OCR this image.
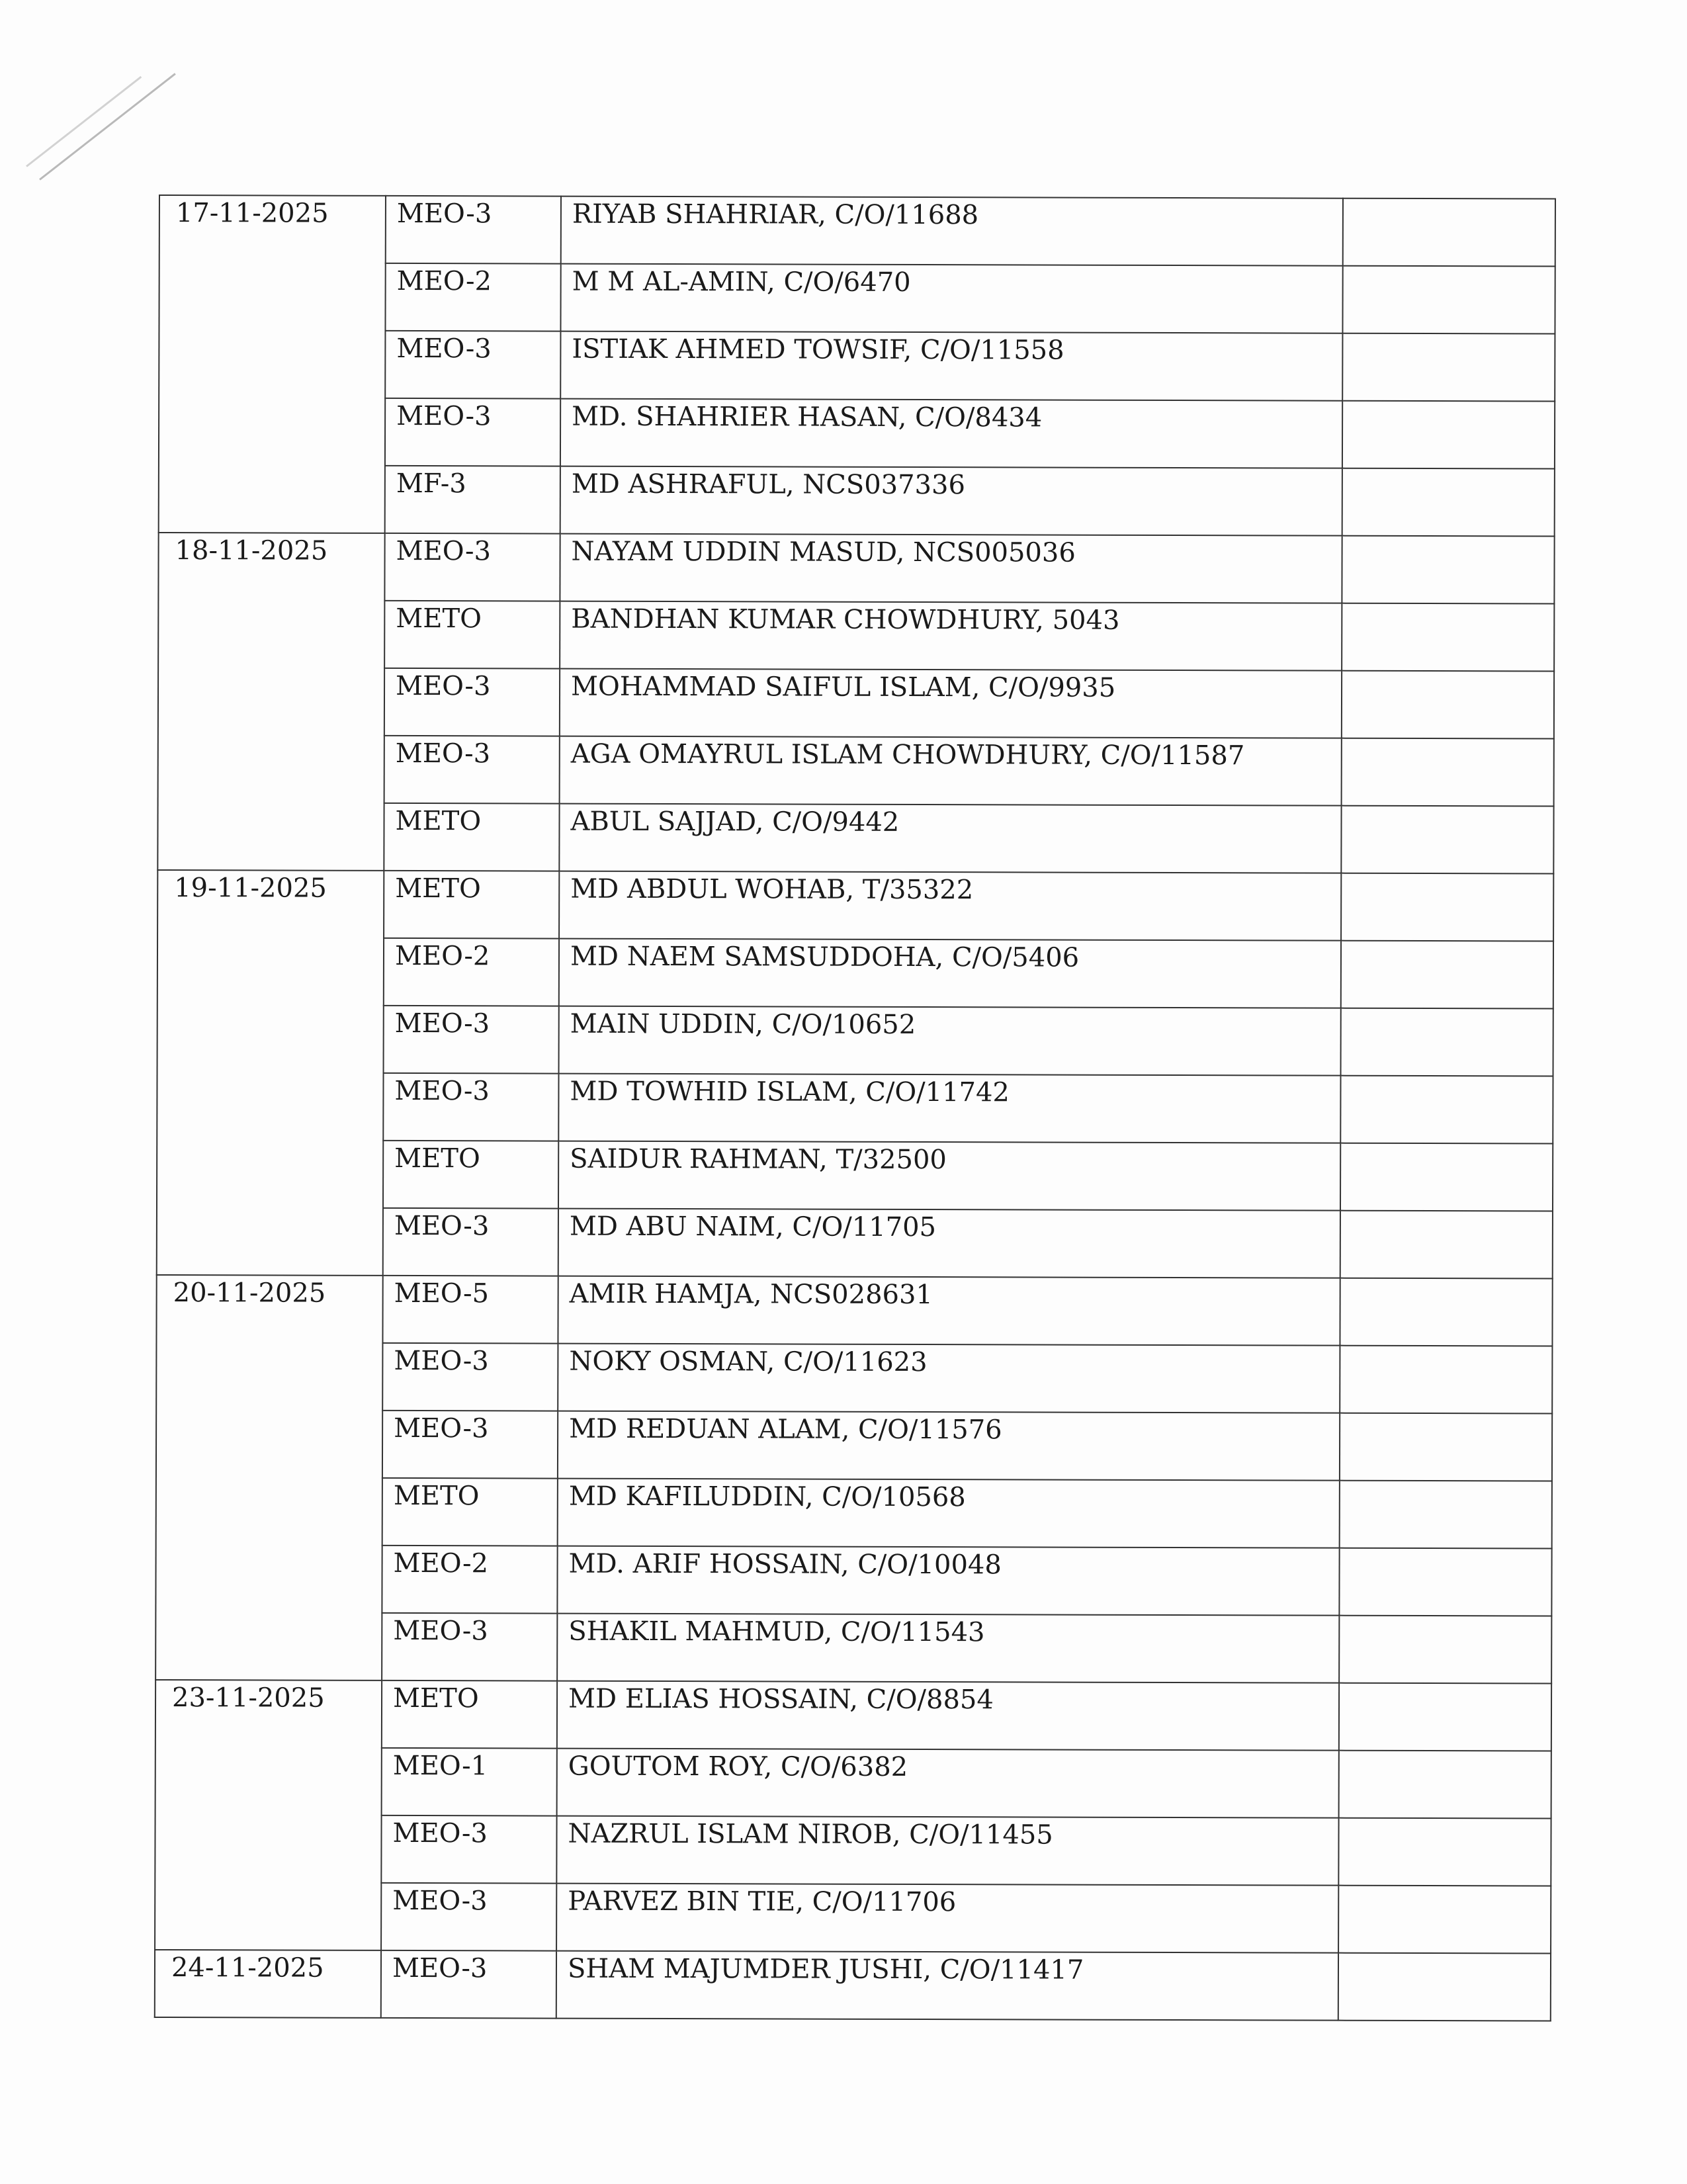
17-11-2025	MEO-3	RIYAB SHAHRIAR, C/O/11688	
	MEO-2	M M AL-AMIN, C/O/6470	
	MEO-3	ISTIAK AHMED TOWSIF, C/O/11558	
	MEO-3	MD. SHAHRIER HASAN, C/O/8434	
	MF-3	MD ASHRAFUL, NCS037336	
18-11-2025	MEO-3	NAYAM UDDIN MASUD, NCS005036	
	METO	BANDHAN KUMAR CHOWDHURY, 5043	
	MEO-3	MOHAMMAD SAIFUL ISLAM, C/O/9935	
	MEO-3	AGA OMAYRUL ISLAM CHOWDHURY, C/O/11587	
	METO	ABUL SAJJAD, C/O/9442	
19-11-2025	METO	MD ABDUL WOHAB, T/35322	
	MEO-2	MD NAEM SAMSUDDOHA, C/O/5406	
	MEO-3	MAIN UDDIN, C/O/10652	
	MEO-3	MD TOWHID ISLAM, C/O/11742	
	METO	SAIDUR RAHMAN, T/32500	
	MEO-3	MD ABU NAIM, C/O/11705	
20-11-2025	MEO-5	AMIR HAMJA, NCS028631	
	MEO-3	NOKY OSMAN, C/O/11623	
	MEO-3	MD REDUAN ALAM, C/O/11576	
	METO	MD KAFILUDDIN, C/O/10568	
	MEO-2	MD. ARIF HOSSAIN, C/O/10048	
	MEO-3	SHAKIL MAHMUD, C/O/11543	
23-11-2025	METO	MD ELIAS HOSSAIN, C/O/8854	
	MEO-1	GOUTOM ROY, C/O/6382	
	MEO-3	NAZRUL ISLAM NIROB, C/O/11455	
	MEO-3	PARVEZ BIN TIE, C/O/11706	
24-11-2025	MEO-3	SHAM MAJUMDER JUSHI, C/O/11417	
